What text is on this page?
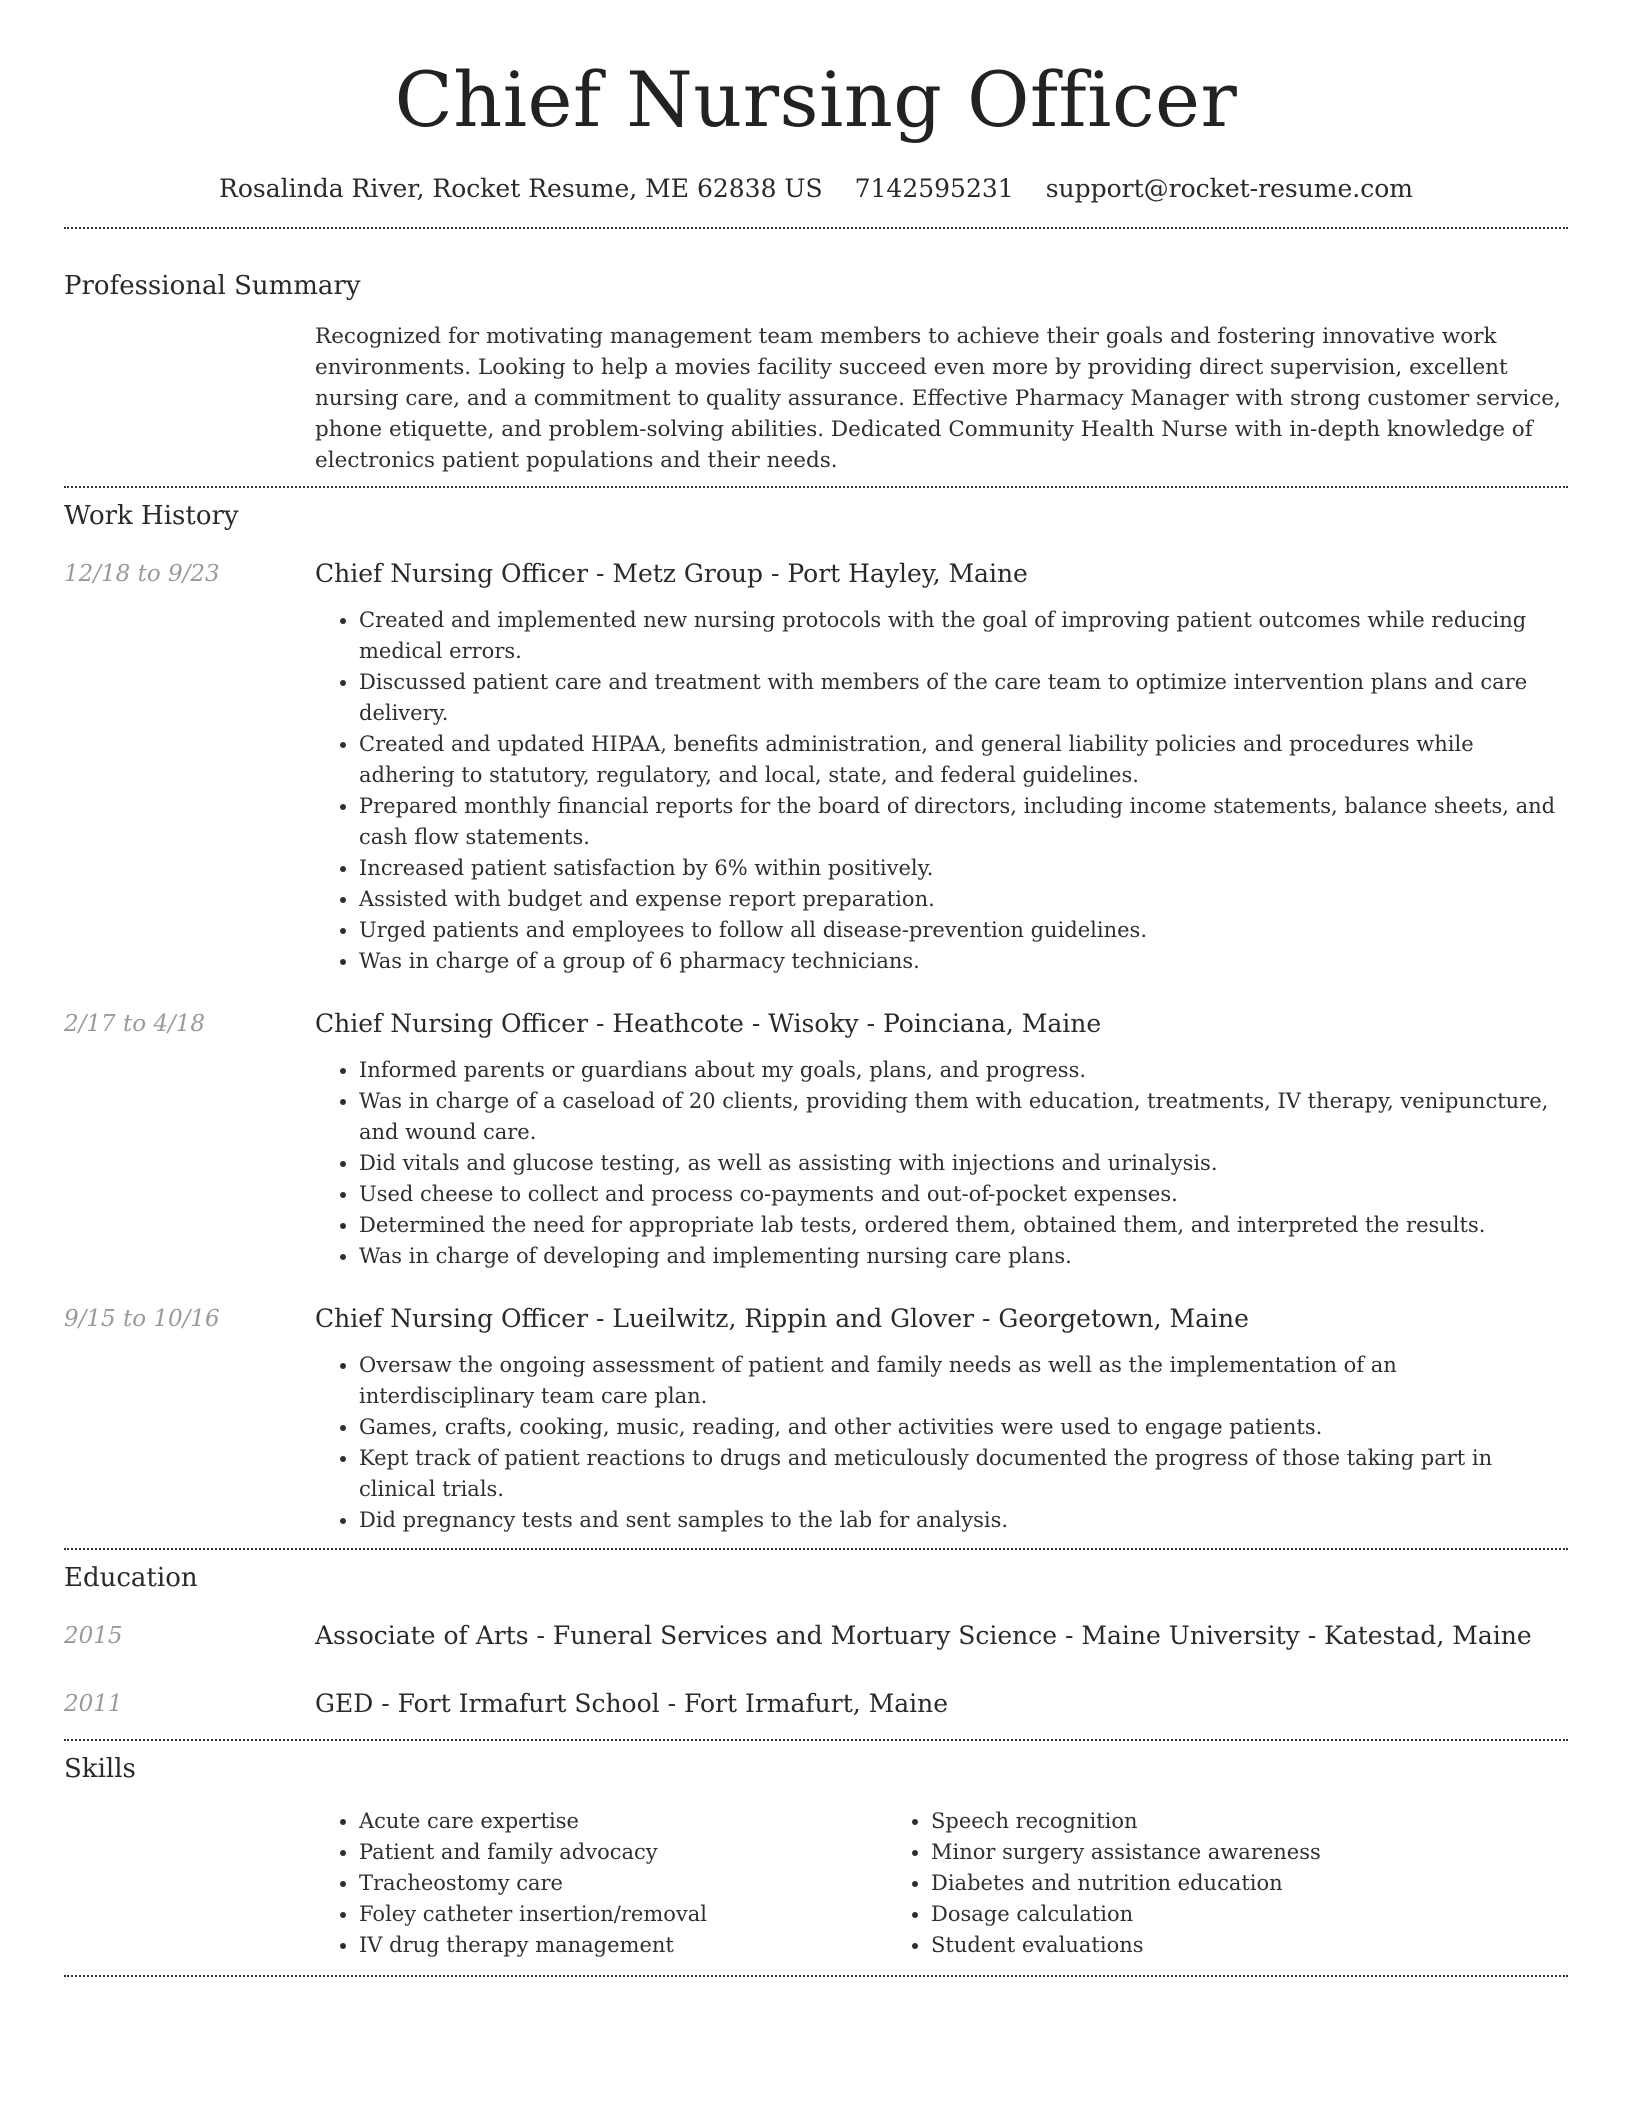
Chief Nursing Officer
Rosalinda River, Rocket Resume, ME 62838 US 7142595231 support@rocket-resume.com
Professional Summary
Recognized for motivating management team members to achieve their goals and fostering innovative work environments. Looking to help a movies facility succeed even more by providing direct supervision, excellent nursing care, and a commitment to quality assurance. Effective Pharmacy Manager with strong customer service, phone etiquette, and problem-solving abilities. Dedicated Community Health Nurse with in-depth knowledge of electronics patient populations and their needs.
Work History
12/18 to 9/23	Chief Nursing Officer - Metz Group - Port Hayley, Maine
• Created and implemented new nursing protocols with the goal of improving patient outcomes while reducing medical errors.
• Discussed patient care and treatment with members of the care team to optimize intervention plans and care delivery.
• Created and updated HIPAA, benefits administration, and general liability policies and procedures while adhering to statutory, regulatory, and local, state, and federal guidelines.
• Prepared monthly financial reports for the board of directors, including income statements, balance sheets, and cash flow statements.
• Increased patient satisfaction by 6% within positively.
• Assisted with budget and expense report preparation.
• Urged patients and employees to follow all disease-prevention guidelines.
• Was in charge of a group of 6 pharmacy technicians.
2/17 to 4/18	Chief Nursing Officer - Heathcote - Wisoky - Poinciana, Maine
• Informed parents or guardians about my goals, plans, and progress.
• Was in charge of a caseload of 20 clients, providing them with education, treatments, IV therapy, venipuncture, and wound care.
• Did vitals and glucose testing, as well as assisting with injections and urinalysis.
• Used cheese to collect and process co-payments and out-of-pocket expenses.
• Determined the need for appropriate lab tests, ordered them, obtained them, and interpreted the results.
• Was in charge of developing and implementing nursing care plans.
9/15 to 10/16	Chief Nursing Officer - Lueilwitz, Rippin and Glover - Georgetown, Maine
• Oversaw the ongoing assessment of patient and family needs as well as the implementation of an interdisciplinary team care plan.
• Games, crafts, cooking, music, reading, and other activities were used to engage patients.
• Kept track of patient reactions to drugs and meticulously documented the progress of those taking part in clinical trials.
• Did pregnancy tests and sent samples to the lab for analysis.
Education
2015	Associate of Arts - Funeral Services and Mortuary Science - Maine University - Katestad, Maine
2011	GED - Fort Irmafurt School - Fort Irmafurt, Maine
Skills
• Acute care expertise
• Patient and family advocacy
• Tracheostomy care
• Foley catheter insertion/removal
• IV drug therapy management
• Speech recognition
• Minor surgery assistance awareness
• Diabetes and nutrition education
• Dosage calculation
• Student evaluations
